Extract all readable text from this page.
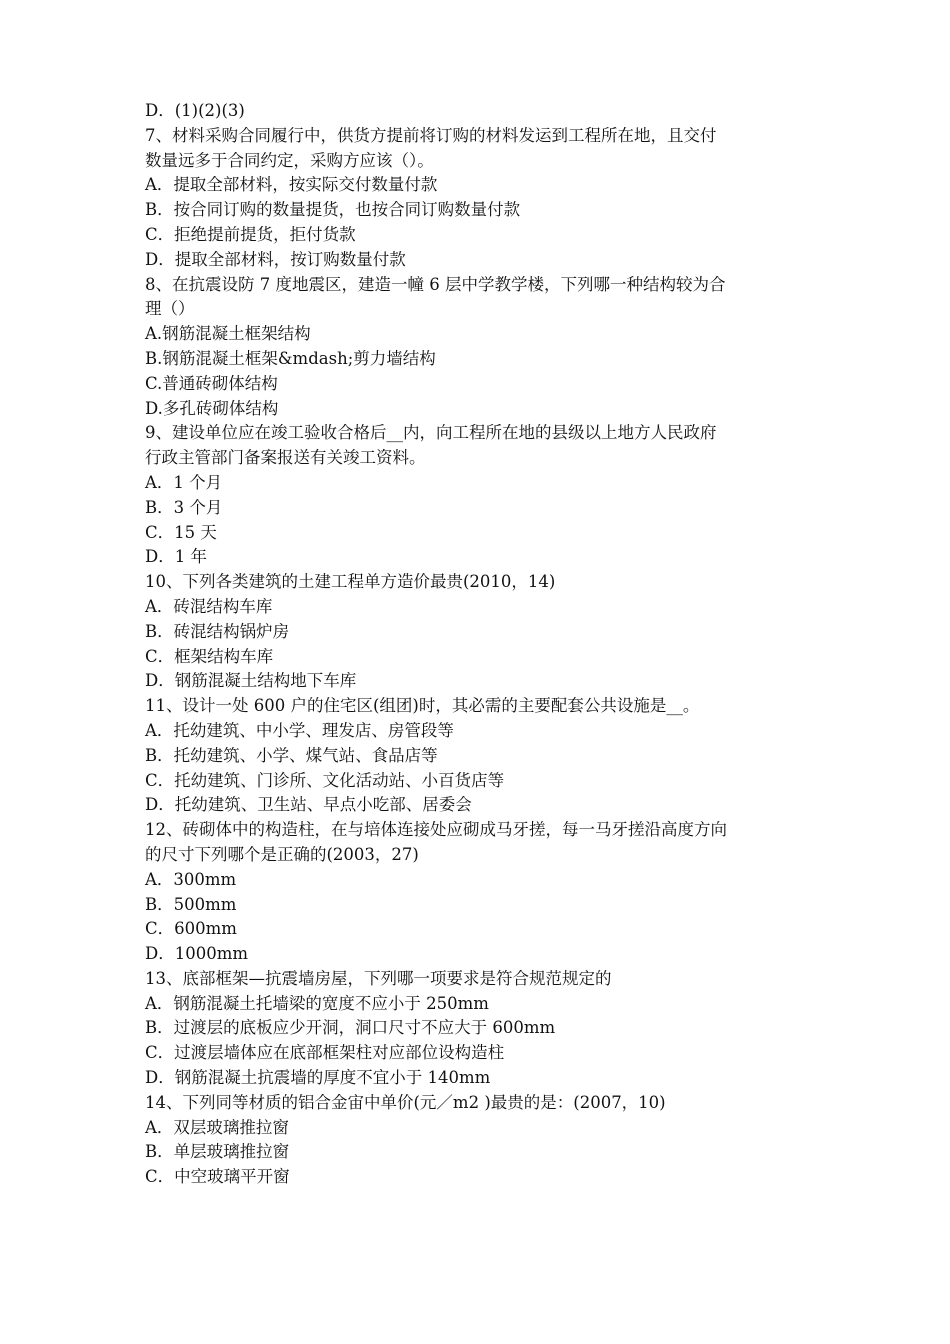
D．(1)(2)(3)
7、材料采购合同履行中，供货方提前将订购的材料发运到工程所在地，且交付
数量远多于合同约定，采购方应该（）。
A．提取全部材料，按实际交付数量付款
B．按合同订购的数量提货，也按合同订购数量付款
C．拒绝提前提货，拒付货款
D．提取全部材料，按订购数量付款
8、在抗震设防 7 度地震区，建造一幢 6 层中学教学楼，下列哪一种结构较为合
理（）
A.钢筋混凝土框架结构
B.钢筋混凝土框架&mdash;剪力墙结构
C.普通砖砌体结构
D.多孔砖砌体结构
9、建设单位应在竣工验收合格后__内，向工程所在地的县级以上地方人民政府
行政主管部门备案报送有关竣工资料。
A．1 个月
B．3 个月
C．15 天
D．1 年
10、下列各类建筑的土建工程单方造价最贵(2010，14)
A．砖混结构车库
B．砖混结构锅炉房
C．框架结构车库
D．钢筋混凝土结构地下车库
11、设计一处 600 户的住宅区(组团)时，其必需的主要配套公共设施是__。
A．托幼建筑、中小学、理发店、房管段等
B．托幼建筑、小学、煤气站、食品店等
C．托幼建筑、门诊所、文化活动站、小百货店等
D．托幼建筑、卫生站、早点小吃部、居委会
12、砖砌体中的构造柱，在与培体连接处应砌成马牙搓，每一马牙搓沿高度方向
的尺寸下列哪个是正确的(2003，27)
A．300mm
B．500mm
C．600mm
D．1000mm
13、底部框架—抗震墙房屋，下列哪一项要求是符合规范规定的
A．钢筋混凝土托墙梁的宽度不应小于 250mm
B．过渡层的底板应少开洞，洞口尺寸不应大于 600mm
C．过渡层墙体应在底部框架柱对应部位设构造柱
D．钢筋混凝土抗震墙的厚度不宜小于 140mm
14、下列同等材质的铝合金宙中单价(元／m2 )最贵的是：(2007，10)
A．双层玻璃推拉窗
B．单层玻璃推拉窗
C．中空玻璃平开窗
